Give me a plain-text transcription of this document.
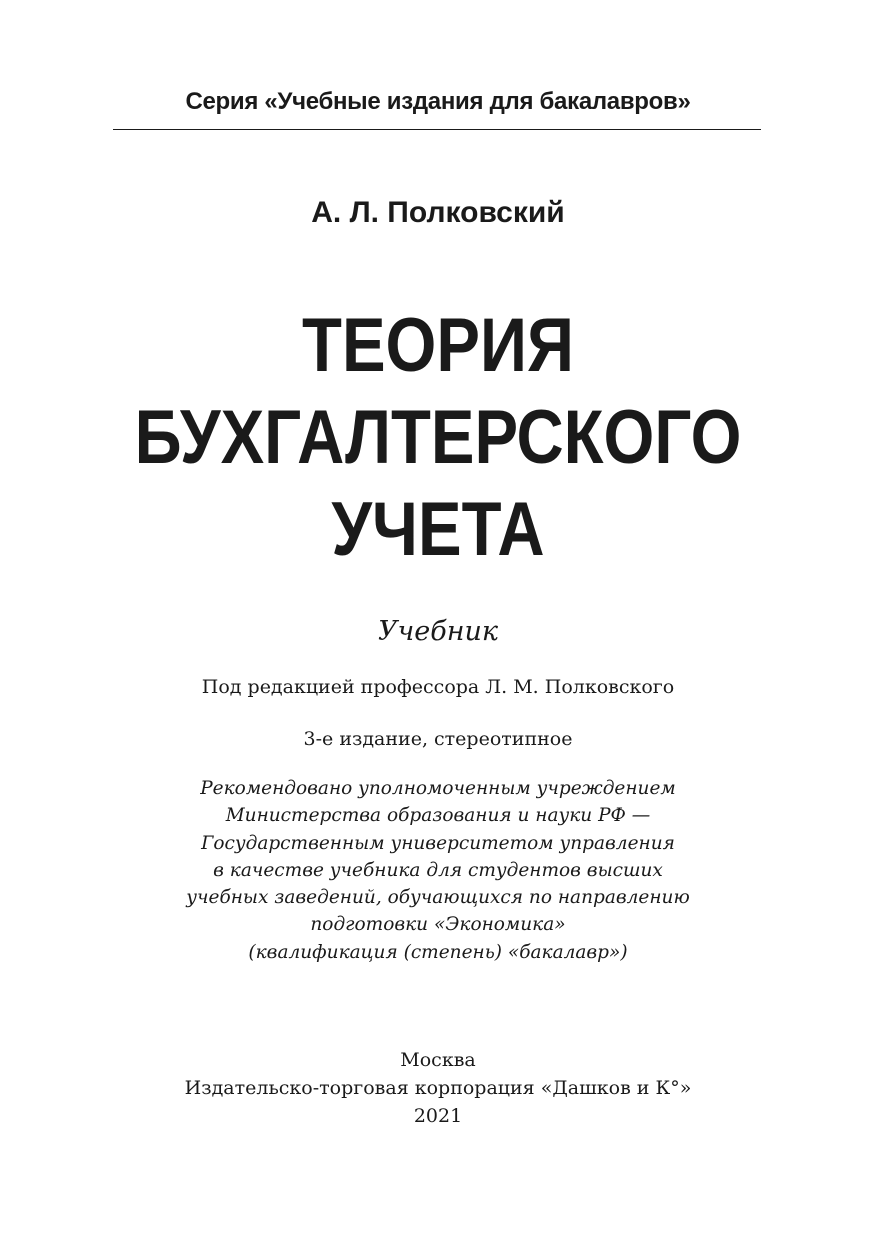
Серия «Учебные издания для бакалавров»
А. Л. Полковский
ТЕОРИЯ
БУХГАЛТЕРСКОГО
УЧЕТА
Учебник
Под редакцией профессора Л. М. Полковского
3-е издание, стереотипное
Рекомендовано уполномоченным учреждением
Министерства образования и науки РФ —
Государственным университетом управления
в качестве учебника для студентов высших
учебных заведений, обучающихся по направлению
подготовки «Экономика»
(квалификация (степень) «бакалавр»)
Москва
Издательско-торговая корпорация «Дашков и К°»
2021
